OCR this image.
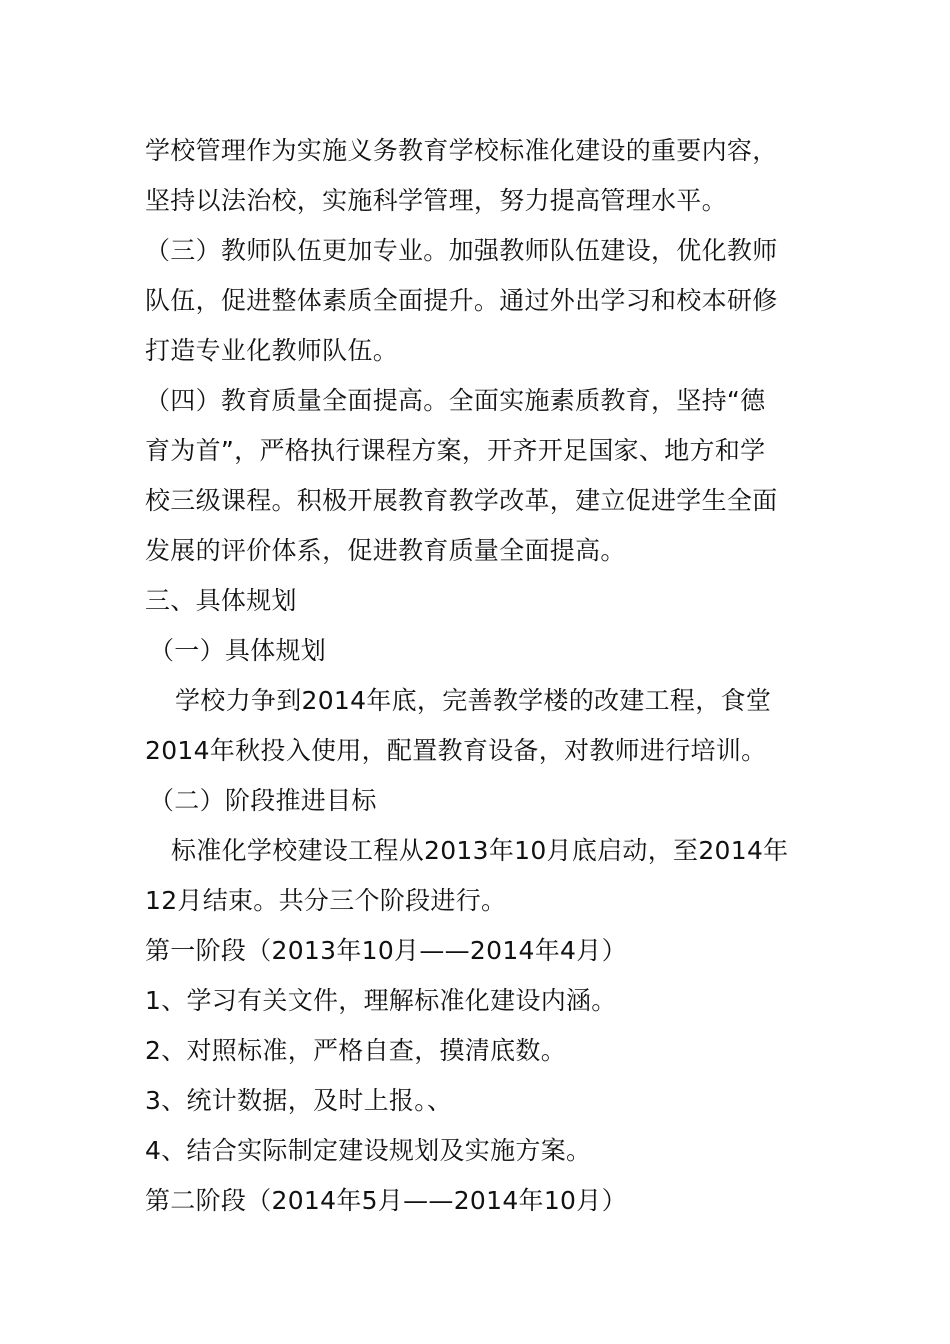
学校管理作为实施义务教育学校标准化建设的重要内容，
坚持以法治校，实施科学管理，努力提高管理水平。
（三）教师队伍更加专业。加强教师队伍建设，优化教师
队伍，促进整体素质全面提升。通过外出学习和校本研修
打造专业化教师队伍。
（四）教育质量全面提高。全面实施素质教育，坚持“德
育为首”，严格执行课程方案，开齐开足国家、地方和学
校三级课程。积极开展教育教学改革，建立促进学生全面
发展的评价体系，促进教育质量全面提高。
三、具体规划
（一）具体规划
学校力争到2014年底，完善教学楼的改建工程，食堂
2014年秋投入使用，配置教育设备，对教师进行培训。
（二）阶段推进目标
标准化学校建设工程从2013年10月底启动，至2014年
12月结束。共分三个阶段进行。
第一阶段（2013年10月——2014年4月）
1、学习有关文件，理解标准化建设内涵。
2、对照标准，严格自查，摸清底数。
3、统计数据，及时上报。、
4、结合实际制定建设规划及实施方案。
第二阶段（2014年5月——2014年10月）
